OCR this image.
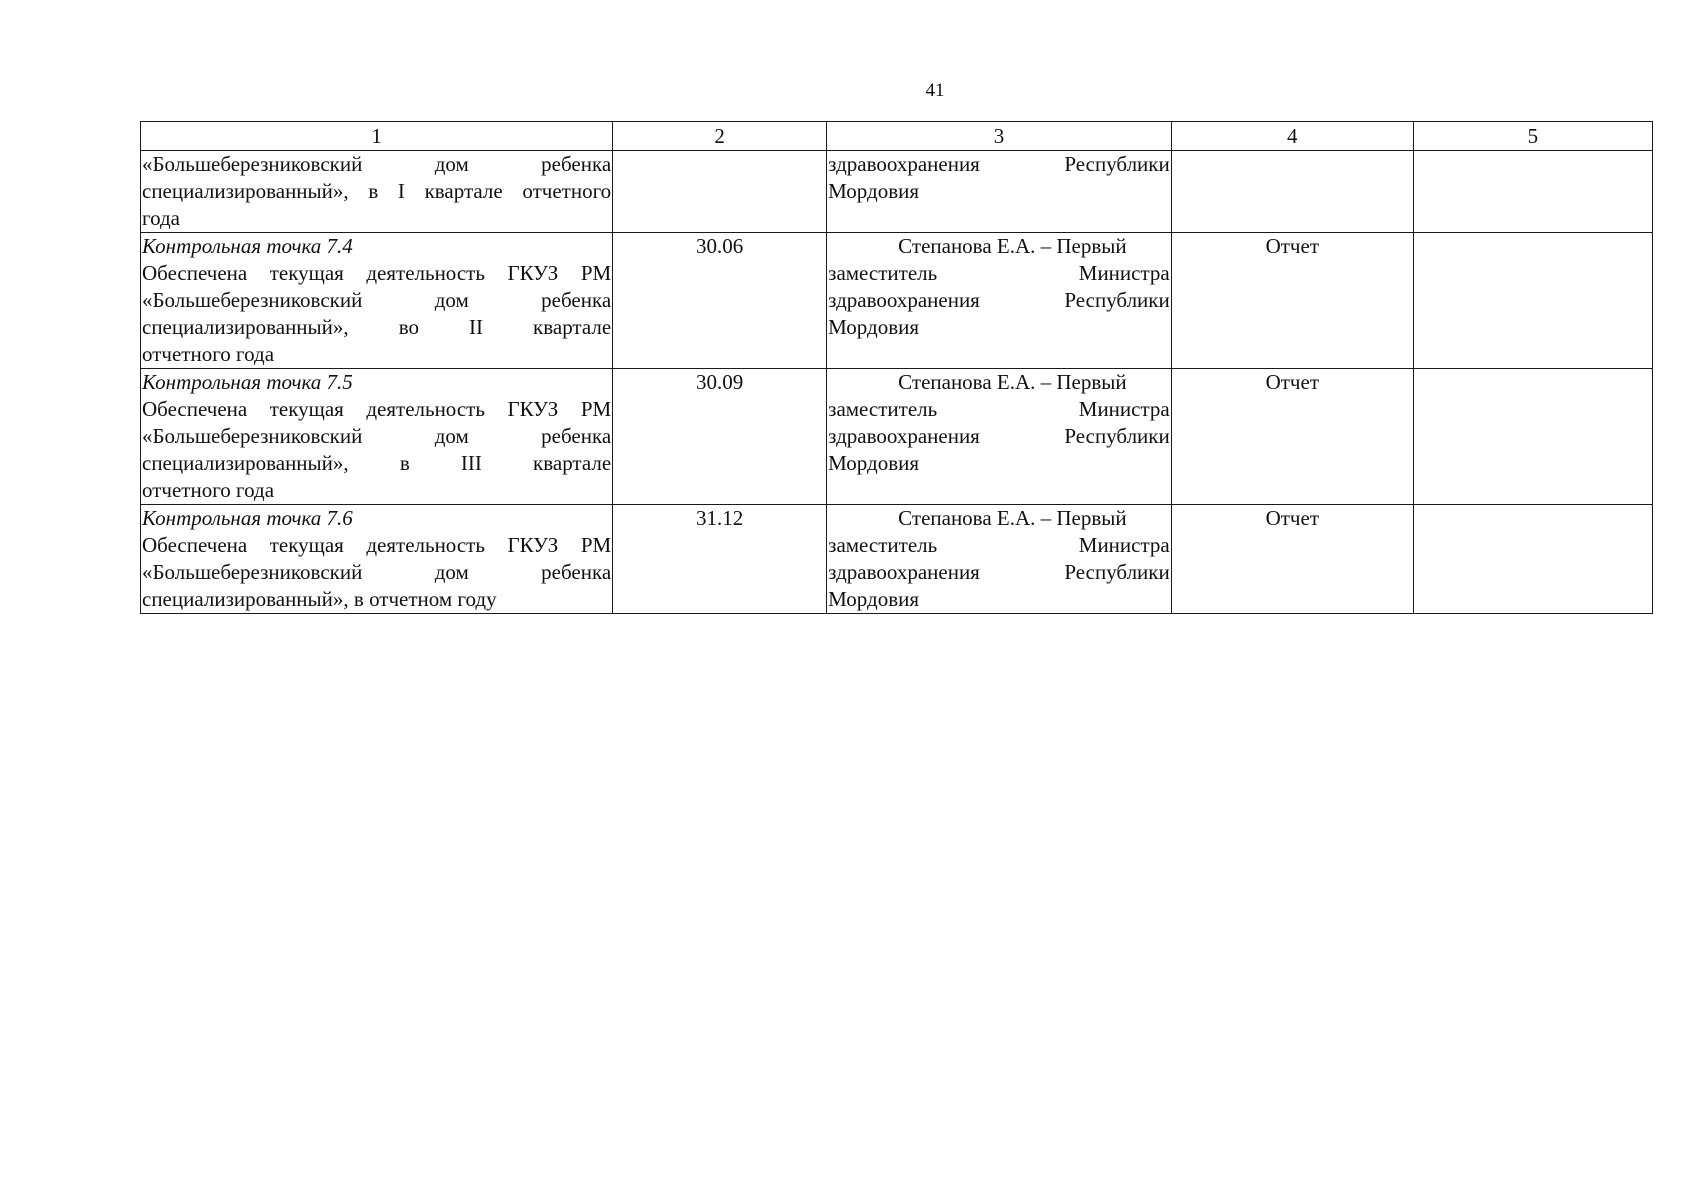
41
1	2	3	4	5

«Большеберезниковский дом ребенка
специализированный», в I квартале отчетного
года		здравоохранения Республики
Мордовия		

Контрольная точка 7.4
Обеспечена текущая деятельность ГКУЗ РМ
«Большеберезниковский дом ребенка
специализированный», во II квартале
отчетного года	30.06	Степанова Е.А. – Первый
заместитель Министра
здравоохранения Республики
Мордовия	Отчет	

Контрольная точка 7.5
Обеспечена текущая деятельность ГКУЗ РМ
«Большеберезниковский дом ребенка
специализированный», в III квартале
отчетного года	30.09	Степанова Е.А. – Первый
заместитель Министра
здравоохранения Республики
Мордовия	Отчет	

Контрольная точка 7.6
Обеспечена текущая деятельность ГКУЗ РМ
«Большеберезниковский дом ребенка
специализированный», в отчетном году	31.12	Степанова Е.А. – Первый
заместитель Министра
здравоохранения Республики
Мордовия	Отчет	
